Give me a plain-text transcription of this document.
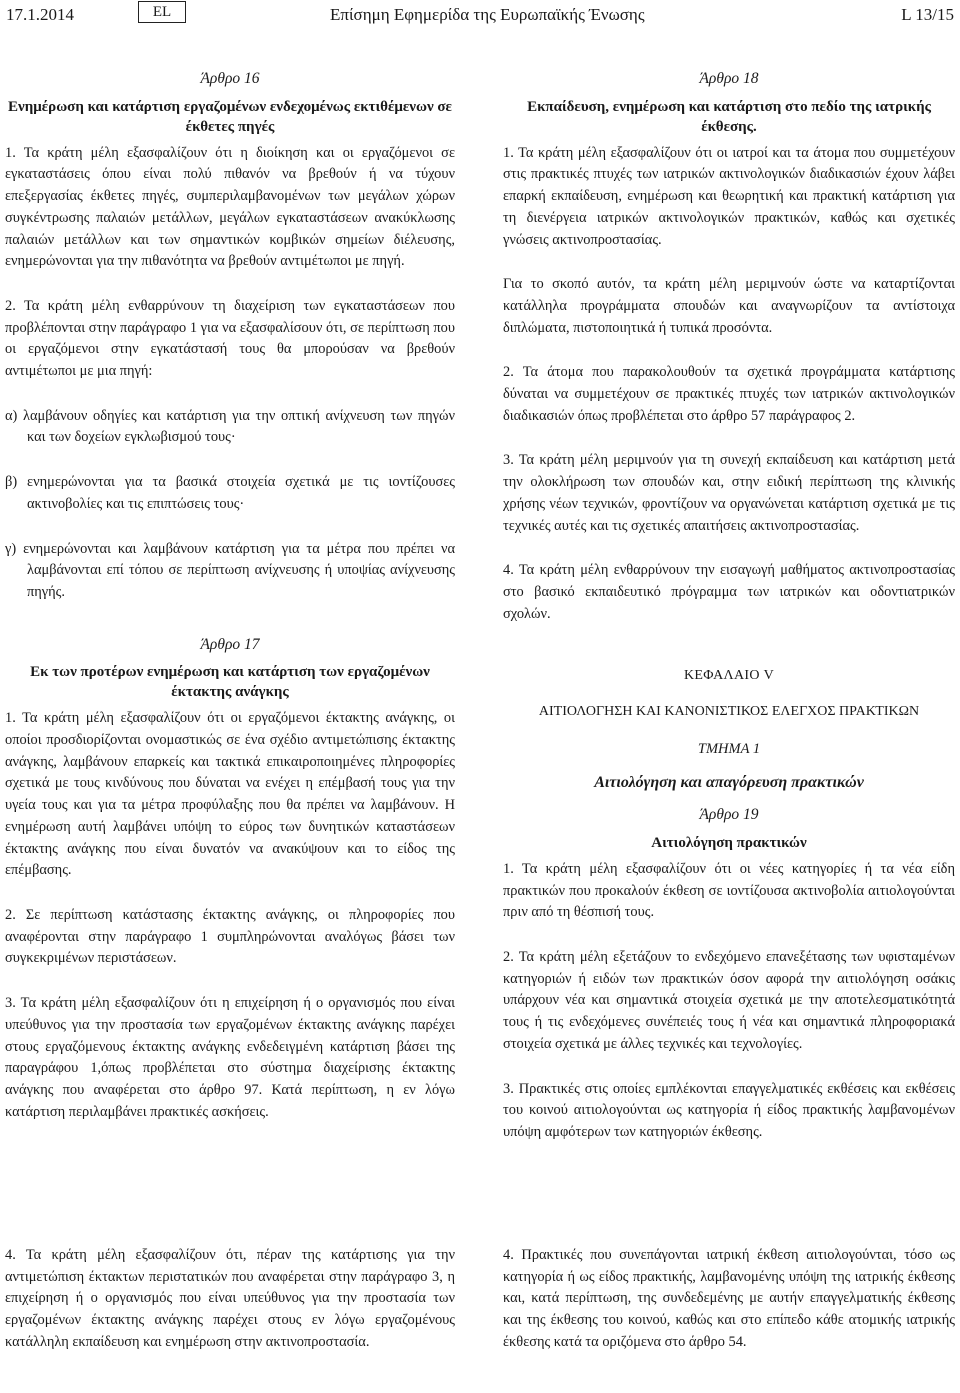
17.1.2014	EL	Επίσημη Εφημερίδα της Ευρωπαϊκής Ένωσης	L 13/15
Άρθρο 16
Ενημέρωση και κατάρτιση εργαζομένων ενδεχομένως εκτιθέμενων σε έκθετες πηγές
1. Τα κράτη μέλη εξασφαλίζουν ότι η διοίκηση και οι εργαζόμενοι σε εγκαταστάσεις όπου είναι πολύ πιθανόν να βρεθούν ή να τύχουν επεξεργασίας έκθετες πηγές, συμπεριλαμβανομένων των μεγάλων χώρων συγκέντρωσης παλαιών μετάλλων, μεγάλων εγκαταστάσεων ανακύκλωσης παλαιών μετάλλων και των σημαντικών κομβικών σημείων διέλευσης, ενημερώνονται για την πιθανότητα να βρεθούν αντιμέτωποι με πηγή.
2. Τα κράτη μέλη ενθαρρύνουν τη διαχείριση των εγκαταστάσεων που προβλέπονται στην παράγραφο 1 για να εξασφαλίσουν ότι, σε περίπτωση που οι εργαζόμενοι στην εγκατάστασή τους θα μπορούσαν να βρεθούν αντιμέτωποι με μια πηγή:
α) λαμβάνουν οδηγίες και κατάρτιση για την οπτική ανίχνευση των πηγών και των δοχείων εγκλωβισμού τους·
β) ενημερώνονται για τα βασικά στοιχεία σχετικά με τις ιοντίζουσες ακτινοβολίες και τις επιπτώσεις τους·
γ) ενημερώνονται και λαμβάνουν κατάρτιση για τα μέτρα που πρέπει να λαμβάνονται επί τόπου σε περίπτωση ανίχνευσης ή υποψίας ανίχνευσης πηγής.
Άρθρο 17
Εκ των προτέρων ενημέρωση και κατάρτιση των εργαζομένων έκτακτης ανάγκης
1. Τα κράτη μέλη εξασφαλίζουν ότι οι εργαζόμενοι έκτακτης ανάγκης, οι οποίοι προσδιορίζονται ονομαστικώς σε ένα σχέδιο αντιμετώπισης έκτακτης ανάγκης, λαμβάνουν επαρκείς και τακτικά επικαιροποιημένες πληροφορίες σχετικά με τους κινδύνους που δύναται να ενέχει η επέμβασή τους για την υγεία τους και για τα μέτρα προφύλαξης που θα πρέπει να λαμβάνουν. Η ενημέρωση αυτή λαμβάνει υπόψη το εύρος των δυνητικών καταστάσεων έκτακτης ανάγκης που είναι δυνατόν να ανακύψουν και το είδος της επέμβασης.
2. Σε περίπτωση κατάστασης έκτακτης ανάγκης, οι πληροφορίες που αναφέρονται στην παράγραφο 1 συμπληρώνονται αναλόγως βάσει των συγκεκριμένων περιστάσεων.
3. Τα κράτη μέλη εξασφαλίζουν ότι η επιχείρηση ή ο οργανισμός που είναι υπεύθυνος για την προστασία των εργαζομένων έκτακτης ανάγκης παρέχει στους εργαζόμενους έκτακτης ανάγκης ενδεδειγμένη κατάρτιση βάσει της παραγράφου 1,όπως προβλέπεται στο σύστημα διαχείρισης έκτακτης ανάγκης που αναφέρεται στο άρθρο 97. Κατά περίπτωση, η εν λόγω κατάρτιση περιλαμβάνει πρακτικές ασκήσεις.
Άρθρο 18
Εκπαίδευση, ενημέρωση και κατάρτιση στο πεδίο της ιατρικής έκθεσης.
1. Τα κράτη μέλη εξασφαλίζουν ότι οι ιατροί και τα άτομα που συμμετέχουν στις πρακτικές πτυχές των ιατρικών ακτινολογικών διαδικασιών έχουν λάβει επαρκή εκπαίδευση, ενημέρωση και θεωρητική και πρακτική κατάρτιση για τη διενέργεια ιατρικών ακτινολογικών πρακτικών, καθώς και σχετικές γνώσεις ακτινοπροστασίας.
Για το σκοπό αυτόν, τα κράτη μέλη μεριμνούν ώστε να καταρτίζονται κατάλληλα προγράμματα σπουδών και αναγνωρίζουν τα αντίστοιχα διπλώματα, πιστοποιητικά ή τυπικά προσόντα.
2. Τα άτομα που παρακολουθούν τα σχετικά προγράμματα κατάρτισης δύναται να συμμετέχουν σε πρακτικές πτυχές των ιατρικών ακτινολογικών διαδικασιών όπως προβλέπεται στο άρθρο 57 παράγραφος 2.
3. Τα κράτη μέλη μεριμνούν για τη συνεχή εκπαίδευση και κατάρτιση μετά την ολοκλήρωση των σπουδών και, στην ειδική περίπτωση της κλινικής χρήσης νέων τεχνικών, φροντίζουν να οργανώνεται κατάρτιση σχετικά με τις τεχνικές αυτές και τις σχετικές απαιτήσεις ακτινοπροστασίας.
4. Τα κράτη μέλη ενθαρρύνουν την εισαγωγή μαθήματος ακτινοπροστασίας στο βασικό εκπαιδευτικό πρόγραμμα των ιατρικών και οδοντιατρικών σχολών.
ΚΕΦΑΛΑΙΟ V
ΑΙΤΙΟΛΟΓΗΣΗ ΚΑΙ ΚΑΝΟΝΙΣΤΙΚΟΣ ΕΛΕΓΧΟΣ ΠΡΑΚΤΙΚΩΝ
ΤΜΗΜΑ 1
Αιτιολόγηση και απαγόρευση πρακτικών
Άρθρο 19
Αιτιολόγηση πρακτικών
1. Τα κράτη μέλη εξασφαλίζουν ότι οι νέες κατηγορίες ή τα νέα είδη πρακτικών που προκαλούν έκθεση σε ιοντίζουσα ακτινοβολία αιτιολογούνται πριν από τη θέσπισή τους.
2. Τα κράτη μέλη εξετάζουν το ενδεχόμενο επανεξέτασης των υφισταμένων κατηγοριών ή ειδών των πρακτικών όσον αφορά την αιτιολόγηση οσάκις υπάρχουν νέα και σημαντικά στοιχεία σχετικά με την αποτελεσματικότητά τους ή τις ενδεχόμενες συνέπειές τους ή νέα και σημαντικά πληροφοριακά στοιχεία σχετικά με άλλες τεχνικές και τεχνολογίες.
3. Πρακτικές στις οποίες εμπλέκονται επαγγελματικές εκθέσεις και εκθέσεις του κοινού αιτιολογούνται ως κατηγορία ή είδος πρακτικής λαμβανομένων υπόψη αμφότερων των κατηγοριών έκθεσης.
4. Τα κράτη μέλη εξασφαλίζουν ότι, πέραν της κατάρτισης για την αντιμετώπιση έκτακτων περιστατικών που αναφέρεται στην παράγραφο 3, η επιχείρηση ή ο οργανισμός που είναι υπεύθυνος για την προστασία των εργαζομένων έκτακτης ανάγκης παρέχει στους εν λόγω εργαζομένους κατάλληλη εκπαίδευση και ενημέρωση στην ακτινοπροστασία.
4. Πρακτικές που συνεπάγονται ιατρική έκθεση αιτιολογούνται, τόσο ως κατηγορία ή ως είδος πρακτικής, λαμβανομένης υπόψη της ιατρικής έκθεσης και, κατά περίπτωση, της συνδεδεμένης με αυτήν επαγγελματικής έκθεσης και της έκθεσης του κοινού, καθώς και στο επίπεδο κάθε ατομικής ιατρικής έκθεσης κατά τα οριζόμενα στο άρθρο 54.
